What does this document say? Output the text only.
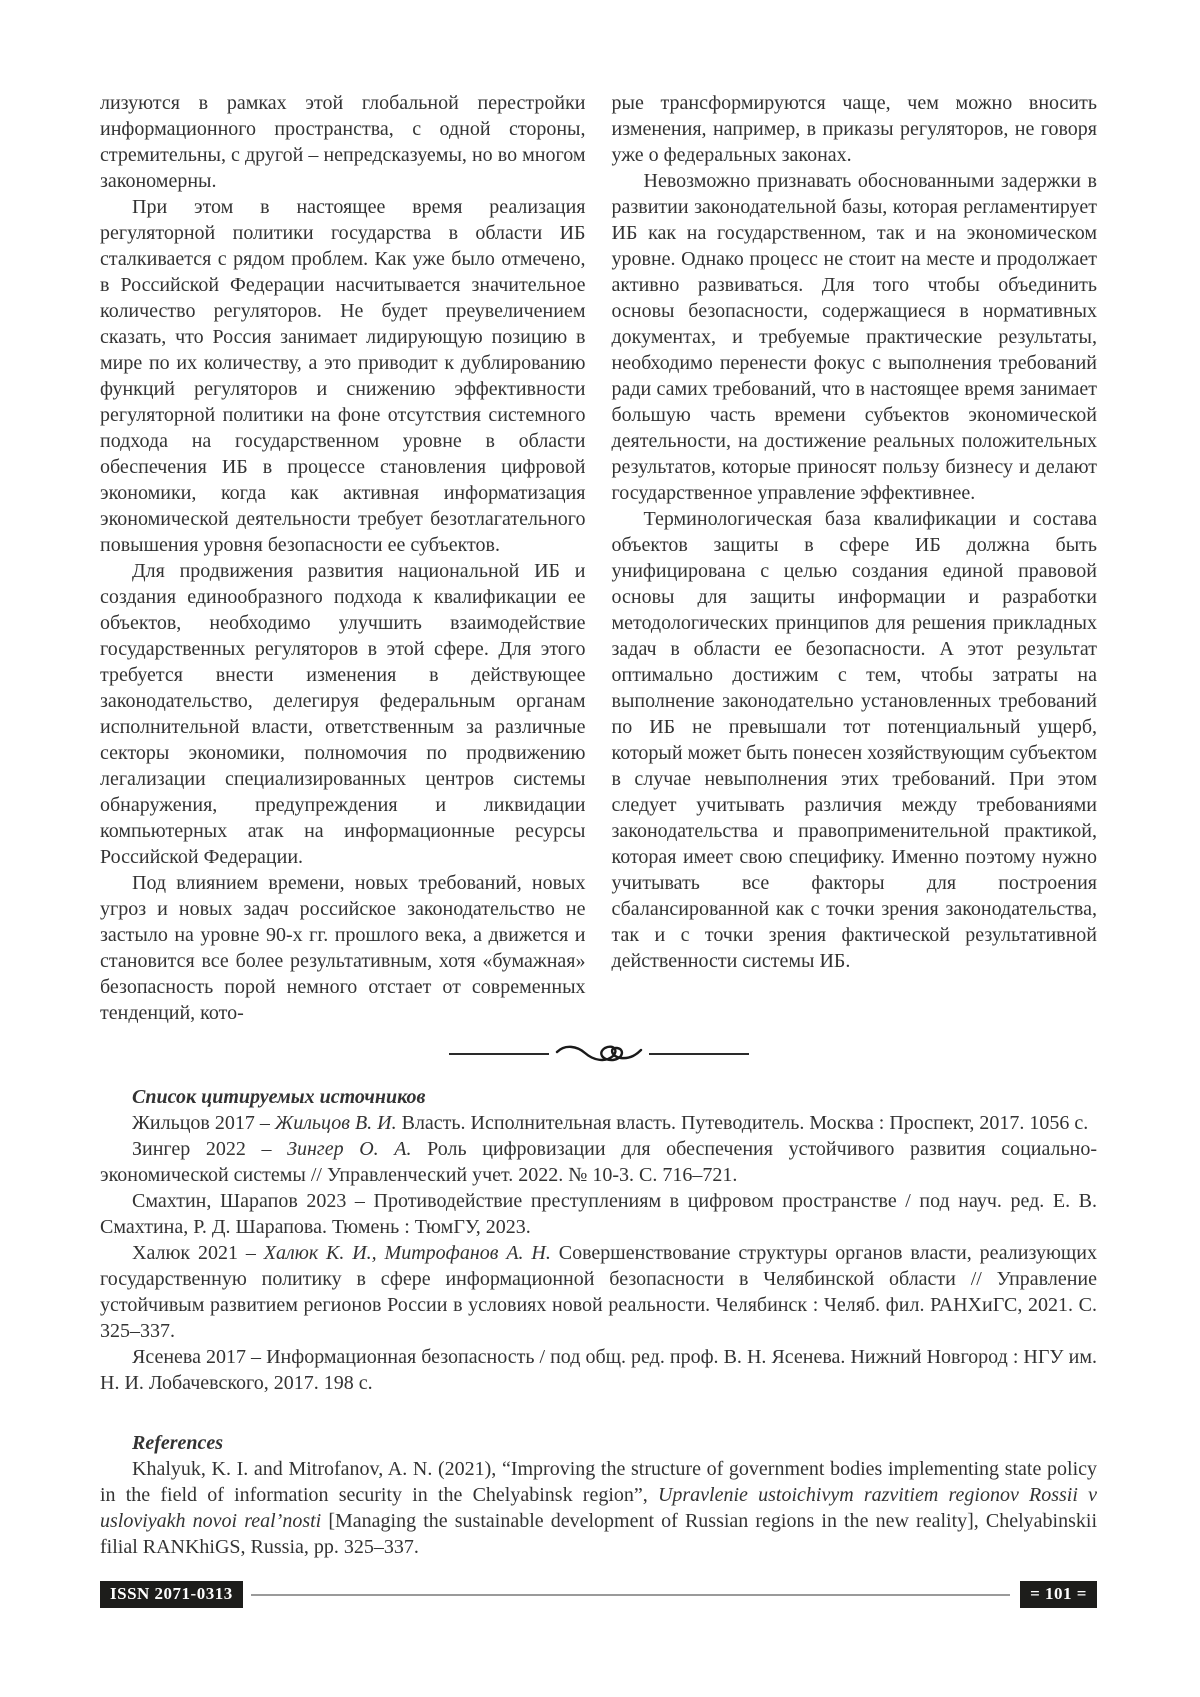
лизуются в рамках этой глобальной перестройки информационного пространства, с одной стороны, стремительны, с другой – непредсказуемы, но во многом закономерны.

При этом в настоящее время реализация регуляторной политики государства в области ИБ сталкивается с рядом проблем. Как уже было отмечено, в Российской Федерации насчитывается значительное количество регуляторов. Не будет преувеличением сказать, что Россия занимает лидирующую позицию в мире по их количеству, а это приводит к дублированию функций регуляторов и снижению эффективности регуляторной политики на фоне отсутствия системного подхода на государственном уровне в области обеспечения ИБ в процессе становления цифровой экономики, когда как активная информатизация экономической деятельности требует безотлагательного повышения уровня безопасности ее субъектов.

Для продвижения развития национальной ИБ и создания единообразного подхода к квалификации ее объектов, необходимо улучшить взаимодействие государственных регуляторов в этой сфере. Для этого требуется внести изменения в действующее законодательство, делегируя федеральным органам исполнительной власти, ответственным за различные секторы экономики, полномочия по продвижению легализации специализированных центров системы обнаружения, предупреждения и ликвидации компьютерных атак на информационные ресурсы Российской Федерации.

Под влиянием времени, новых требований, новых угроз и новых задач российское законодательство не застыло на уровне 90-х гг. прошлого века, а движется и становится все более результативным, хотя «бумажная» безопасность порой немного отстает от современных тенденций, кото-

рые трансформируются чаще, чем можно вносить изменения, например, в приказы регуляторов, не говоря уже о федеральных законах.

Невозможно признавать обоснованными задержки в развитии законодательной базы, которая регламентирует ИБ как на государственном, так и на экономическом уровне. Однако процесс не стоит на месте и продолжает активно развиваться. Для того чтобы объединить основы безопасности, содержащиеся в нормативных документах, и требуемые практические результаты, необходимо перенести фокус с выполнения требований ради самих требований, что в настоящее время занимает большую часть времени субъектов экономической деятельности, на достижение реальных положительных результатов, которые приносят пользу бизнесу и делают государственное управление эффективнее.

Терминологическая база квалификации и состава объектов защиты в сфере ИБ должна быть унифицирована с целью создания единой правовой основы для защиты информации и разработки методологических принципов для решения прикладных задач в области ее безопасности. А этот результат оптимально достижим с тем, чтобы затраты на выполнение законодательно установленных требований по ИБ не превышали тот потенциальный ущерб, который может быть понесен хозяйствующим субъектом в случае невыполнения этих требований. При этом следует учитывать различия между требованиями законодательства и правоприменительной практикой, которая имеет свою специфику. Именно поэтому нужно учитывать все факторы для построения сбалансированной как с точки зрения законодательства, так и с точки зрения фактической результативной действенности системы ИБ.

Список цитируемых источников

Жильцов 2017 – Жильцов В. И. Власть. Исполнительная власть. Путеводитель. Москва : Проспект, 2017. 1056 с.

Зингер 2022 – Зингер О. А. Роль цифровизации для обеспечения устойчивого развития социально-экономической системы // Управленческий учет. 2022. № 10-3. С. 716–721.

Смахтин, Шарапов 2023 – Противодействие преступлениям в цифровом пространстве / под науч. ред. Е. В. Смахтина, Р. Д. Шарапова. Тюмень : ТюмГУ, 2023.

Халюк 2021 – Халюк К. И., Митрофанов А. Н. Совершенствование структуры органов власти, реализующих государственную политику в сфере информационной безопасности в Челябинской области // Управление устойчивым развитием регионов России в условиях новой реальности. Челябинск : Челяб. фил. РАНХиГС, 2021. С. 325–337.

Ясенева 2017 – Информационная безопасность / под общ. ред. проф. В. Н. Ясенева. Нижний Новгород : НГУ им. Н. И. Лобачевского, 2017. 198 с.

References

Khalyuk, K. I. and Mitrofanov, A. N. (2021), “Improving the structure of government bodies implementing state policy in the field of information security in the Chelyabinsk region”, Upravlenie ustoichivym razvitiem regionov Rossii v usloviyakh novoi real’nosti [Managing the sustainable development of Russian regions in the new reality], Chelyabinskii filial RANKhiGS, Russia, pp. 325–337.

ISSN 2071-0313	= 101 =
